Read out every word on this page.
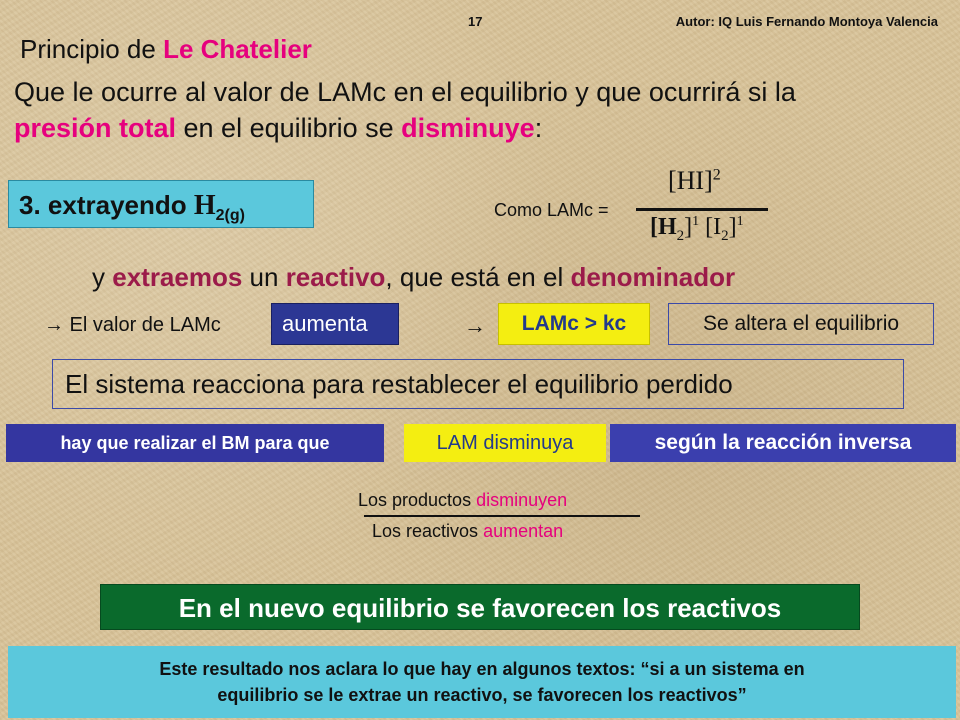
17	Autor: IQ Luis Fernando Montoya Valencia
Principio de Le Chatelier
Que le ocurre al valor de LAMc en el equilibrio y que ocurrirá si la
presión total en el equilibrio se disminuye:
3. extrayendo $H_{2(g)}$	Como LAMc =
[HI]$^2$
$[H_2]^1$ $[I_2]^1$
y extraemos un reactivo, que está en el denominador
→ El valor de LAMc	aumenta	→	LAMc > kc	Se altera el equilibrio
El sistema reacciona para restablecer el equilibrio perdido
hay que realizar el BM para que	LAM disminuya	según la reacción inversa
Los productos disminuyen
Los reactivos aumentan
En el nuevo equilibrio se favorecen los reactivos
Este resultado nos aclara lo que hay en algunos textos: “si a un sistema en
equilibrio se le extrae un reactivo, se favorecen los reactivos”
